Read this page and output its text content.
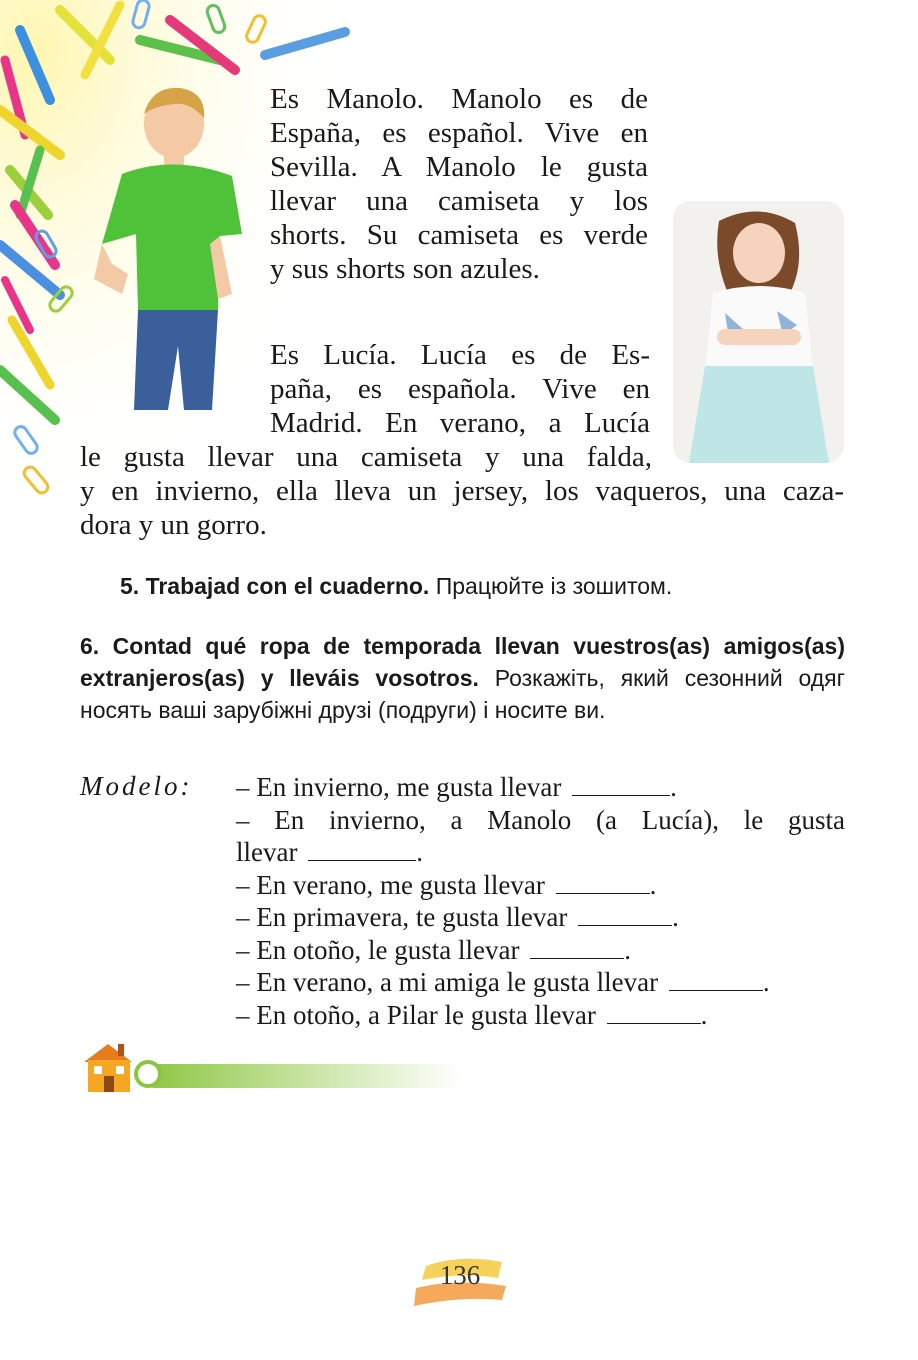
Es Manolo. Manolo es de
España, es español. Vive en
Sevilla. A Manolo le gusta
llevar una camiseta y los
shorts. Su camiseta es verde
y sus shorts son azules.
Es Lucía. Lucía es de Es-
paña, es española. Vive en
Madrid. En verano, a Lucía
le gusta llevar una camiseta y una falda,
y en invierno, ella lleva un jersey, los vaqueros, una caza-
dora y un gorro.
5. Trabajad con el cuaderno. Працюйте із зошитом.
6. Contad qué ropa de temporada llevan vuestros(as) amigos(as) extranjeros(as) y lleváis vosotros. Розкажіть, який сезонний одяг носять ваші зарубіжні друзі (подруги) і носите ви.
Modelo: – En invierno, me gusta llevar	.
– En invierno, a Manolo (a Lucía), le gusta
llevar	.
– En verano, me gusta llevar	.
– En primavera, te gusta llevar	.
– En otoño, le gusta llevar	.
– En verano, a mi amiga le gusta llevar	.
– En otoño, a Pilar le gusta llevar	.
136
